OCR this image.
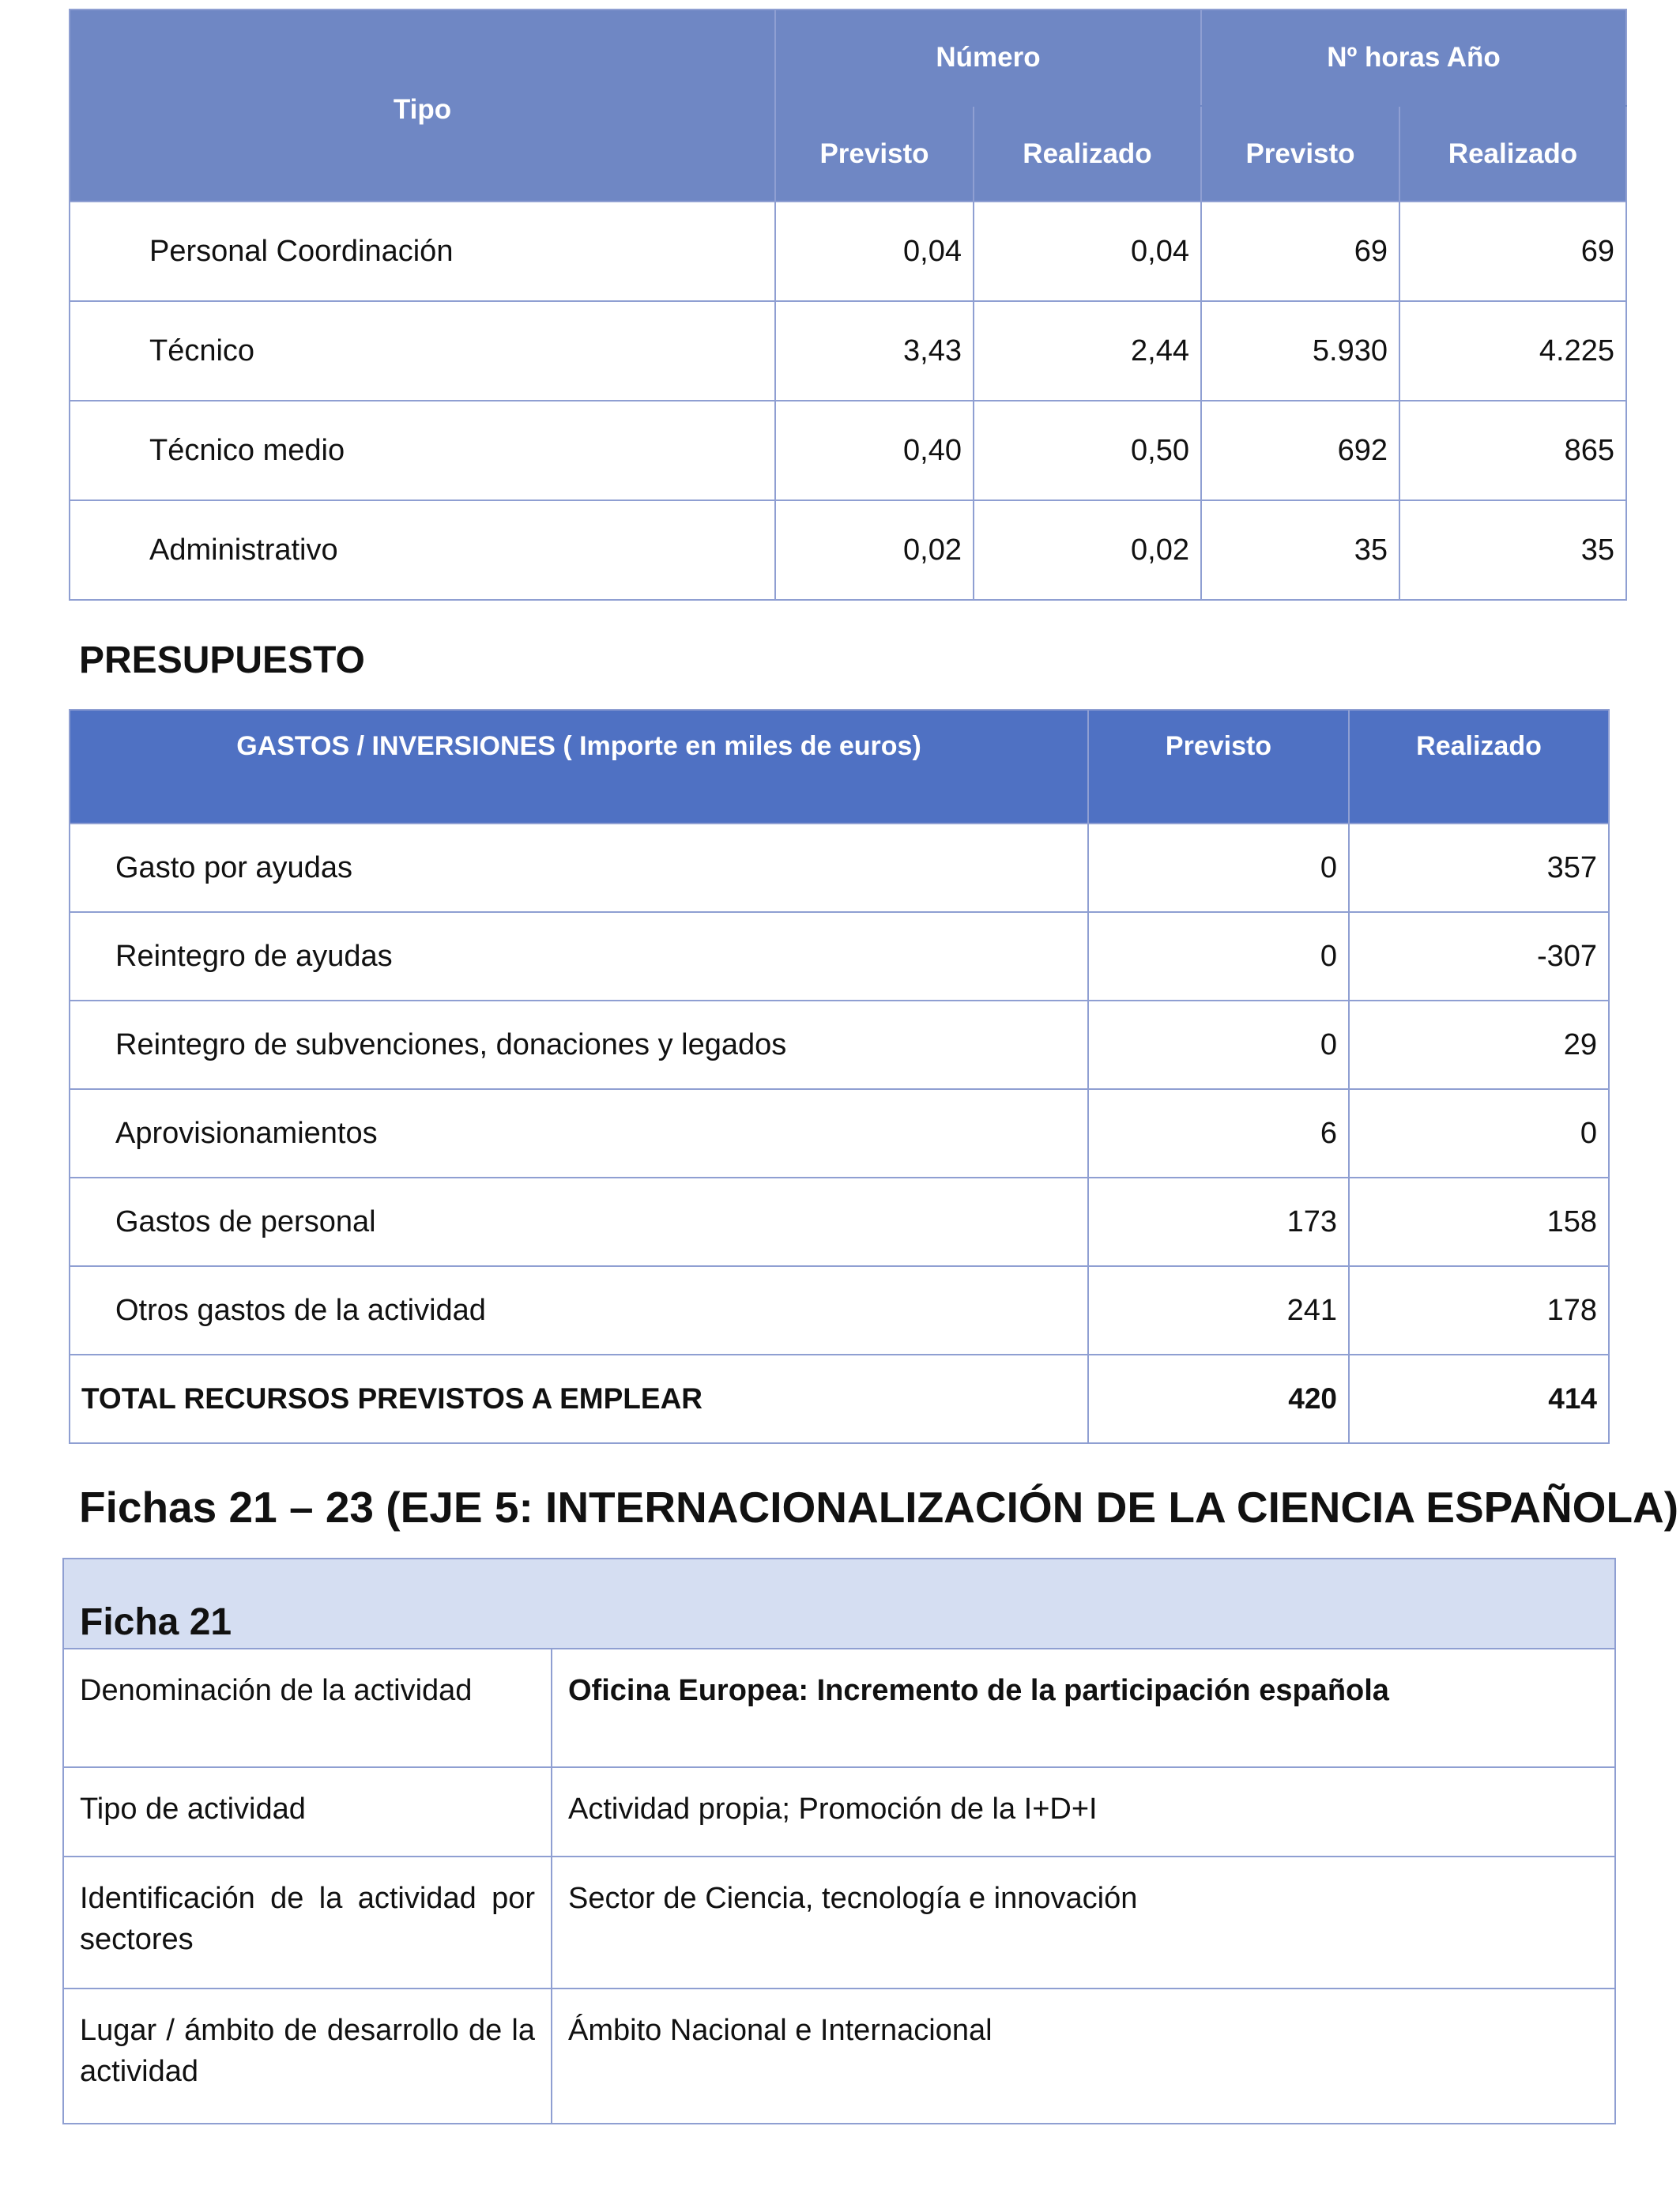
Tipo	Número		Nº horas Año	
	Previsto	Realizado	Previsto	Realizado
Personal Coordinación	0,04	0,04	69	69
Técnico	3,43	2,44	5.930	4.225
Técnico medio	0,40	0,50	692	865
Administrativo	0,02	0,02	35	35
PRESUPUESTO
GASTOS / INVERSIONES ( Importe en miles de euros)	Previsto	Realizado
Gasto por ayudas	0	357
Reintegro de ayudas	0	-307
Reintegro de subvenciones, donaciones y legados	0	29
Aprovisionamientos	6	0
Gastos de personal	173	158
Otros gastos de la actividad	241	178
TOTAL RECURSOS PREVISTOS A EMPLEAR	420	414
Fichas 21 – 23 (EJE 5: INTERNACIONALIZACIÓN DE LA CIENCIA ESPAÑOLA)
Ficha 21	
Denominación de la actividad	Oficina Europea: Incremento de la participación española
Tipo de actividad	Actividad propia; Promoción de la I+D+I
Identificación de la actividad por sectores	Sector de Ciencia, tecnología e innovación
Lugar / ámbito de desarrollo de la actividad	Ámbito Nacional e Internacional
